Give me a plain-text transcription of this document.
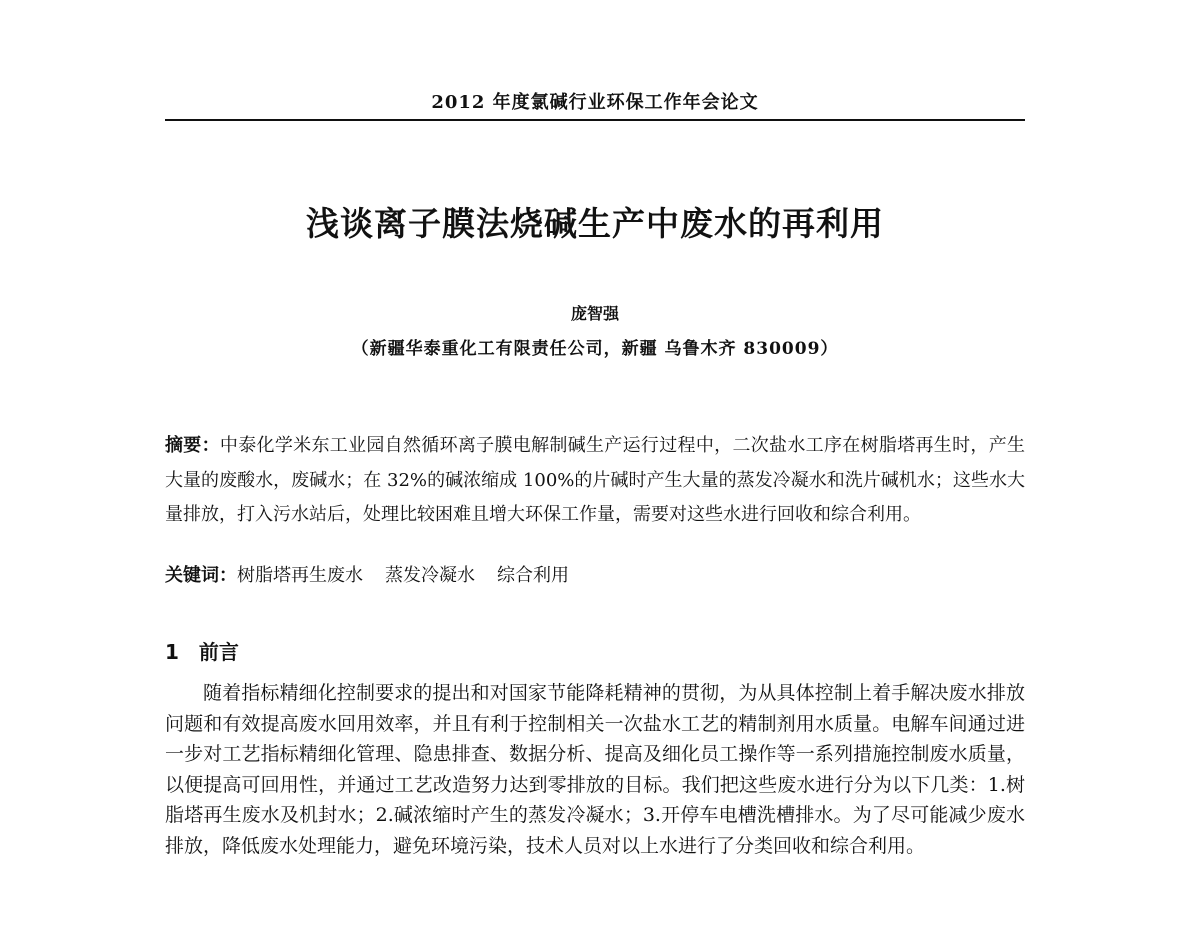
2012 年度氯碱行业环保工作年会论文
浅谈离子膜法烧碱生产中废水的再利用
庞智强
（新疆华泰重化工有限责任公司，新疆 乌鲁木齐 830009）

摘要：中泰化学米东工业园自然循环离子膜电解制碱生产运行过程中，二次盐水工序在树脂塔再生时，产生大量的废酸水，废碱水；在 32%的碱浓缩成 100%的片碱时产生大量的蒸发冷凝水和洗片碱机水；这些水大量排放，打入污水站后，处理比较困难且增大环保工作量，需要对这些水进行回收和综合利用。

关键词：树脂塔再生废水 蒸发冷凝水 综合利用

1 前言

随着指标精细化控制要求的提出和对国家节能降耗精神的贯彻，为从具体控制上着手解决废水排放问题和有效提高废水回用效率，并且有利于控制相关一次盐水工艺的精制剂用水质量。电解车间通过进一步对工艺指标精细化管理、隐患排查、数据分析、提高及细化员工操作等一系列措施控制废水质量，以便提高可回用性，并通过工艺改造努力达到零排放的目标。我们把这些废水进行分为以下几类：1.树脂塔再生废水及机封水；2.碱浓缩时产生的蒸发冷凝水；3.开停车电槽洗槽排水。为了尽可能减少废水排放，降低废水处理能力，避免环境污染，技术人员对以上水进行了分类回收和综合利用。
